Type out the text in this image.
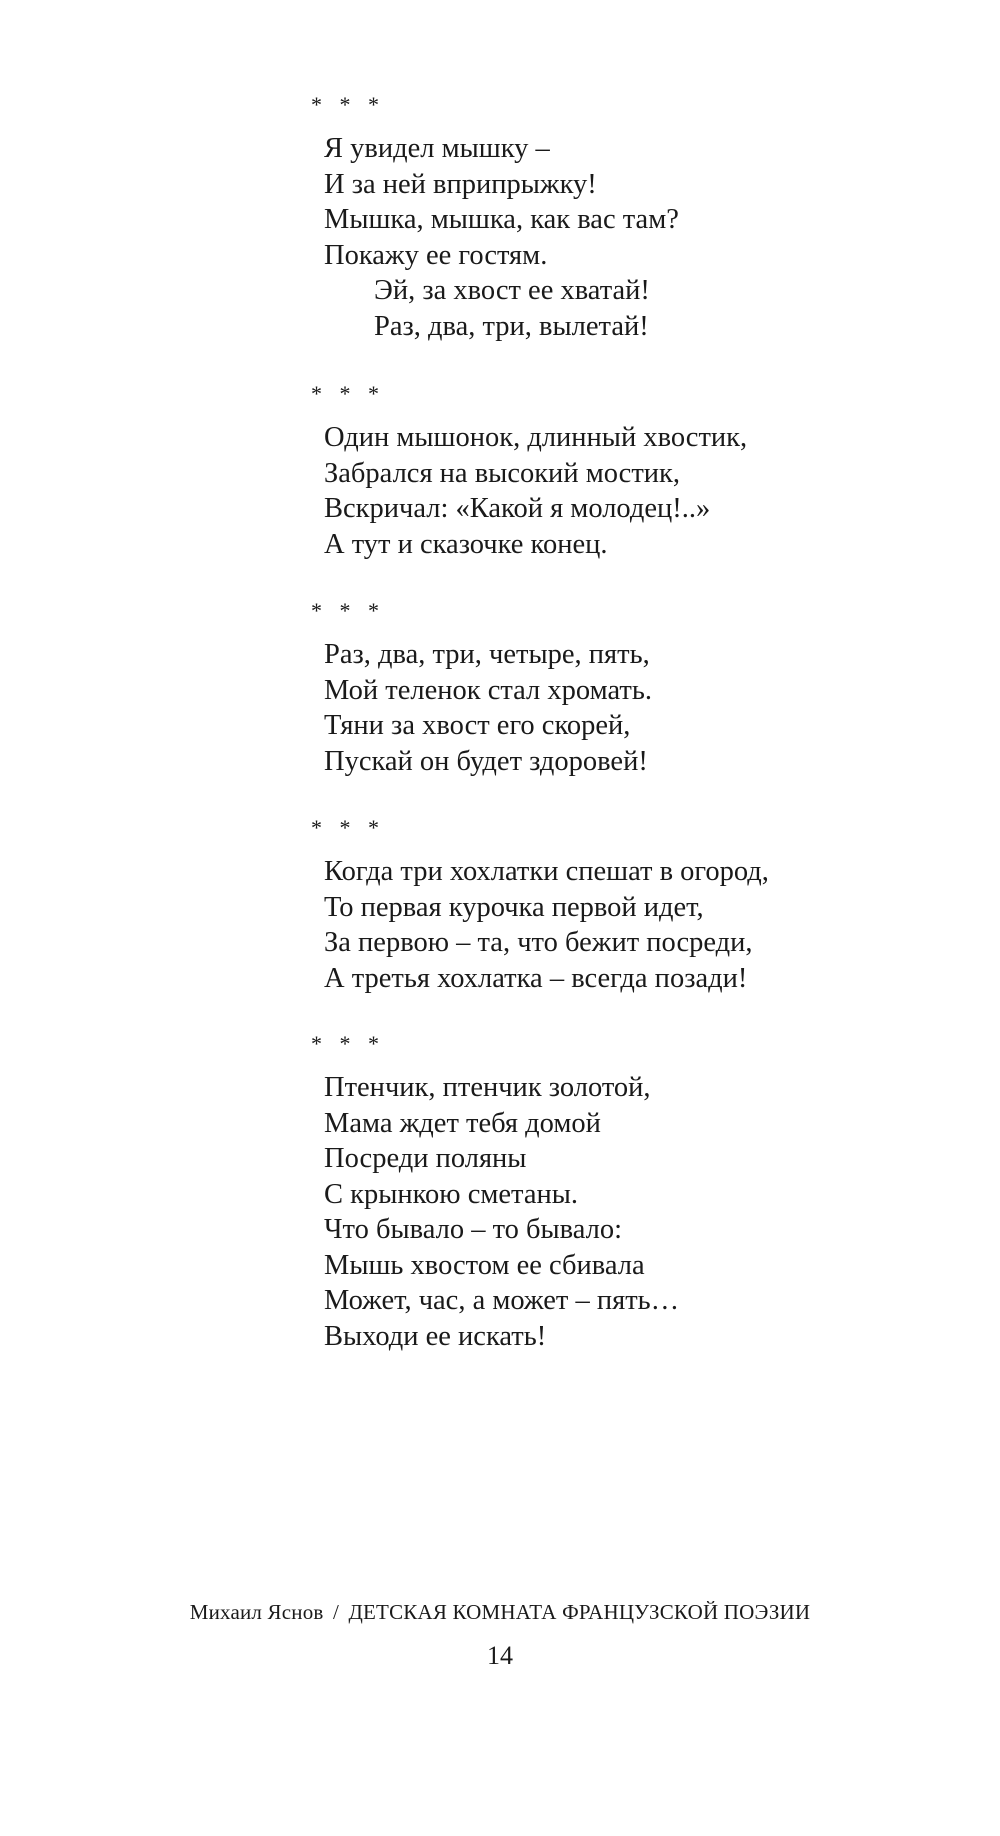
* * *
Я увидел мышку –
И за ней вприпрыжку!
Мышка, мышка, как вас там?
Покажу ее гостям.
Эй, за хвост ее хватай!
Раз, два, три, вылетай!
* * *
Один мышонок, длинный хвостик,
Забрался на высокий мостик,
Вскричал: «Какой я молодец!..»
А тут и сказочке конец.
* * *
Раз, два, три, четыре, пять,
Мой теленок стал хромать.
Тяни за хвост его скорей,
Пускай он будет здоровей!
* * *
Когда три хохлатки спешат в огород,
То первая курочка первой идет,
За первою – та, что бежит посреди,
А третья хохлатка – всегда позади!
* * *
Птенчик, птенчик золотой,
Мама ждет тебя домой
Посреди поляны
С крынкою сметаны.
Что бывало – то бывало:
Мышь хвостом ее сбивала
Может, час, а может – пять…
Выходи ее искать!
Михаил Яснов / ДЕТСКАЯ КОМНАТА ФРАНЦУЗСКОЙ ПОЭЗИИ
14
